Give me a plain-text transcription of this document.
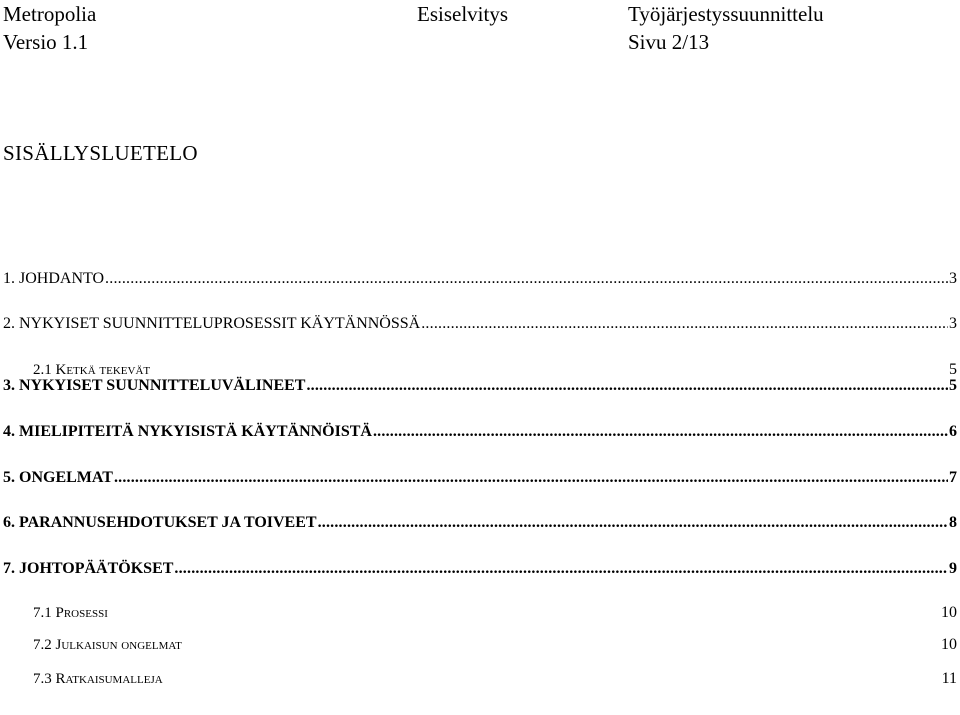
Metropolia	Esiselvitys	Työjärjestyssuunnittelu
Versio 1.1	Sivu 2/13
SISÄLLYSLUETELO
1. JOHDANTO .....	3
2. NYKYISET SUUNNITTELUPROSESSIT KÄYTÄNNÖSSÄ .....	3
2.1 Ketkä tekevät	5
3. NYKYISET SUUNNITTELUVÄLINEET .....	5
4. MIELIPITEITÄ NYKYISISTÄ KÄYTÄNNÖISTÄ .....	6
5. ONGELMAT .....	7
6. PARANNUSEHDOTUKSET JA TOIVEET .....	8
7. JOHTOPÄÄTÖKSET .....	9
7.1 Prosessi	10
7.2 Julkaisun ongelmat	10
7.3 Ratkaisumalleja	11
